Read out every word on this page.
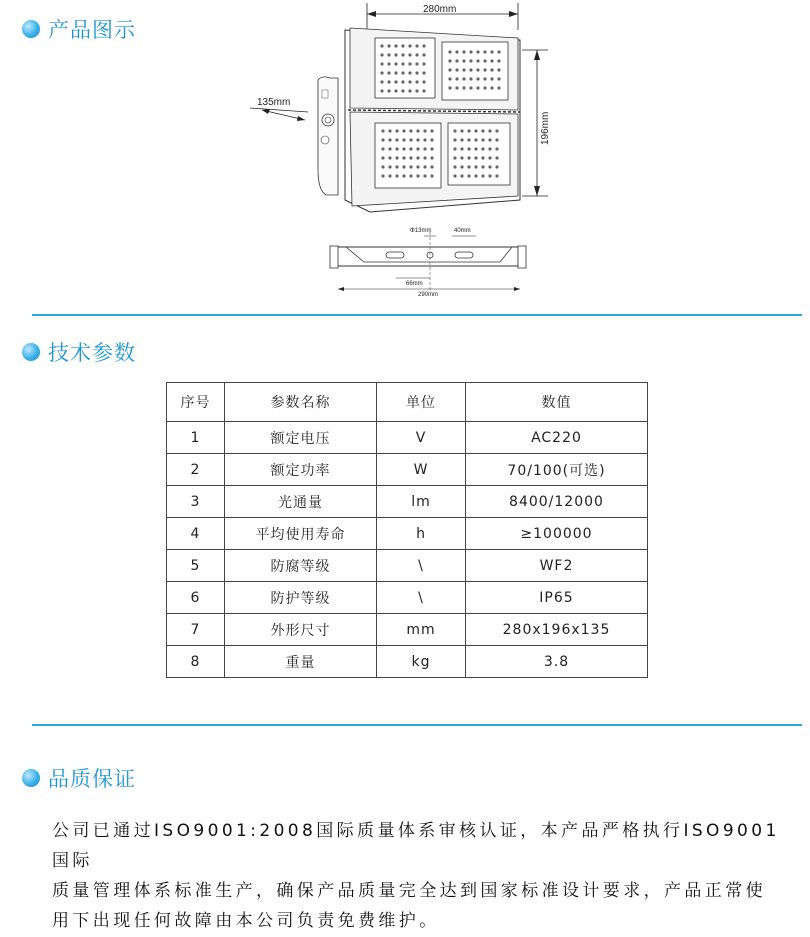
产品图示
280mm
196mm
135mm
Φ13mm	40mm
66mm
290mm
技术参数
序号	参数名称	单位	数值
1	额定电压	V	AC220
2	额定功率	W	70/100(可选)
3	光通量	lm	8400/12000
4	平均使用寿命	h	≥100000
5	防腐等级	\	WF2
6	防护等级	\	IP65
7	外形尺寸	mm	280x196x135
8	重量	kg	3.8
品质保证
公司已通过ISO9001:2008国际质量体系审核认证，本产品严格执行ISO9001国际
质量管理体系标准生产，确保产品质量完全达到国家标准设计要求，产品正常使
用下出现任何故障由本公司负责免费维护。
